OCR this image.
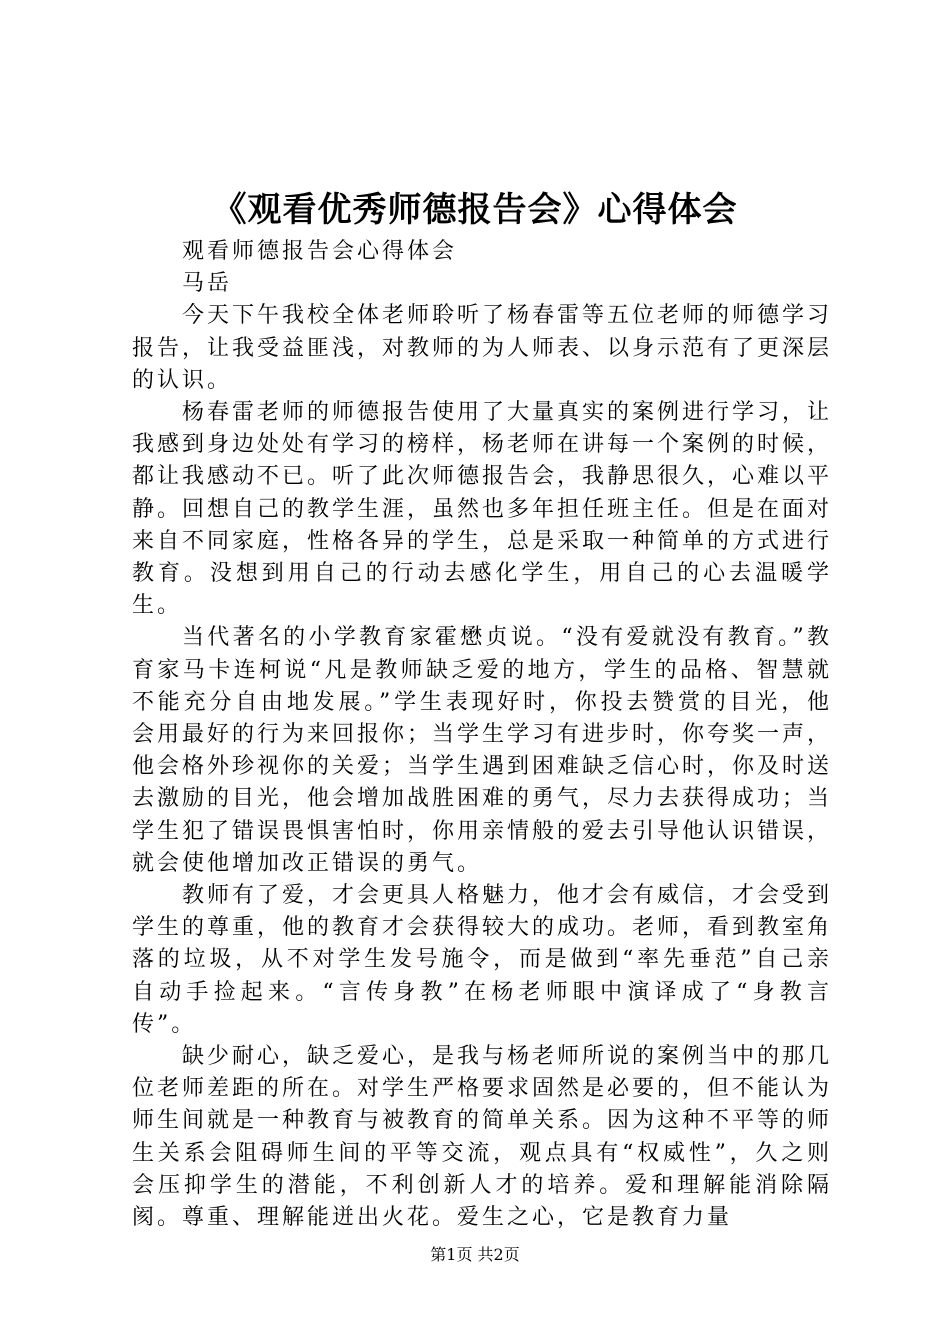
《观看优秀师德报告会》心得体会

观看师德报告会心得体会

马岳

今天下午我校全体老师聆听了杨春雷等五位老师的师德学习报告，让我受益匪浅，对教师的为人师表、以身示范有了更深层的认识。

杨春雷老师的师德报告使用了大量真实的案例进行学习，让我感到身边处处有学习的榜样，杨老师在讲每一个案例的时候，都让我感动不已。听了此次师德报告会，我静思很久，心难以平静。回想自己的教学生涯，虽然也多年担任班主任。但是在面对来自不同家庭，性格各异的学生，总是采取一种简单的方式进行教育。没想到用自己的行动去感化学生，用自己的心去温暖学生。

当代著名的小学教育家霍懋贞说。“没有爱就没有教育。”教育家马卡连柯说“凡是教师缺乏爱的地方，学生的品格、智慧就不能充分自由地发展。”学生表现好时，你投去赞赏的目光，他会用最好的行为来回报你；当学生学习有进步时，你夸奖一声，他会格外珍视你的关爱；当学生遇到困难缺乏信心时，你及时送去激励的目光，他会增加战胜困难的勇气，尽力去获得成功；当学生犯了错误畏惧害怕时，你用亲情般的爱去引导他认识错误，就会使他增加改正错误的勇气。

教师有了爱，才会更具人格魅力，他才会有威信，才会受到学生的尊重，他的教育才会获得较大的成功。老师，看到教室角落的垃圾，从不对学生发号施令，而是做到“率先垂范”自己亲自动手捡起来。“言传身教”在杨老师眼中演译成了“身教言传”。

缺少耐心，缺乏爱心，是我与杨老师所说的案例当中的那几位老师差距的所在。对学生严格要求固然是必要的，但不能认为师生间就是一种教育与被教育的简单关系。因为这种不平等的师生关系会阻碍师生间的平等交流，观点具有“权威性”，久之则会压抑学生的潜能，不利创新人才的培养。爱和理解能消除隔阂。尊重、理解能迸出火花。爱生之心，它是教育力量

第1页 共2页
